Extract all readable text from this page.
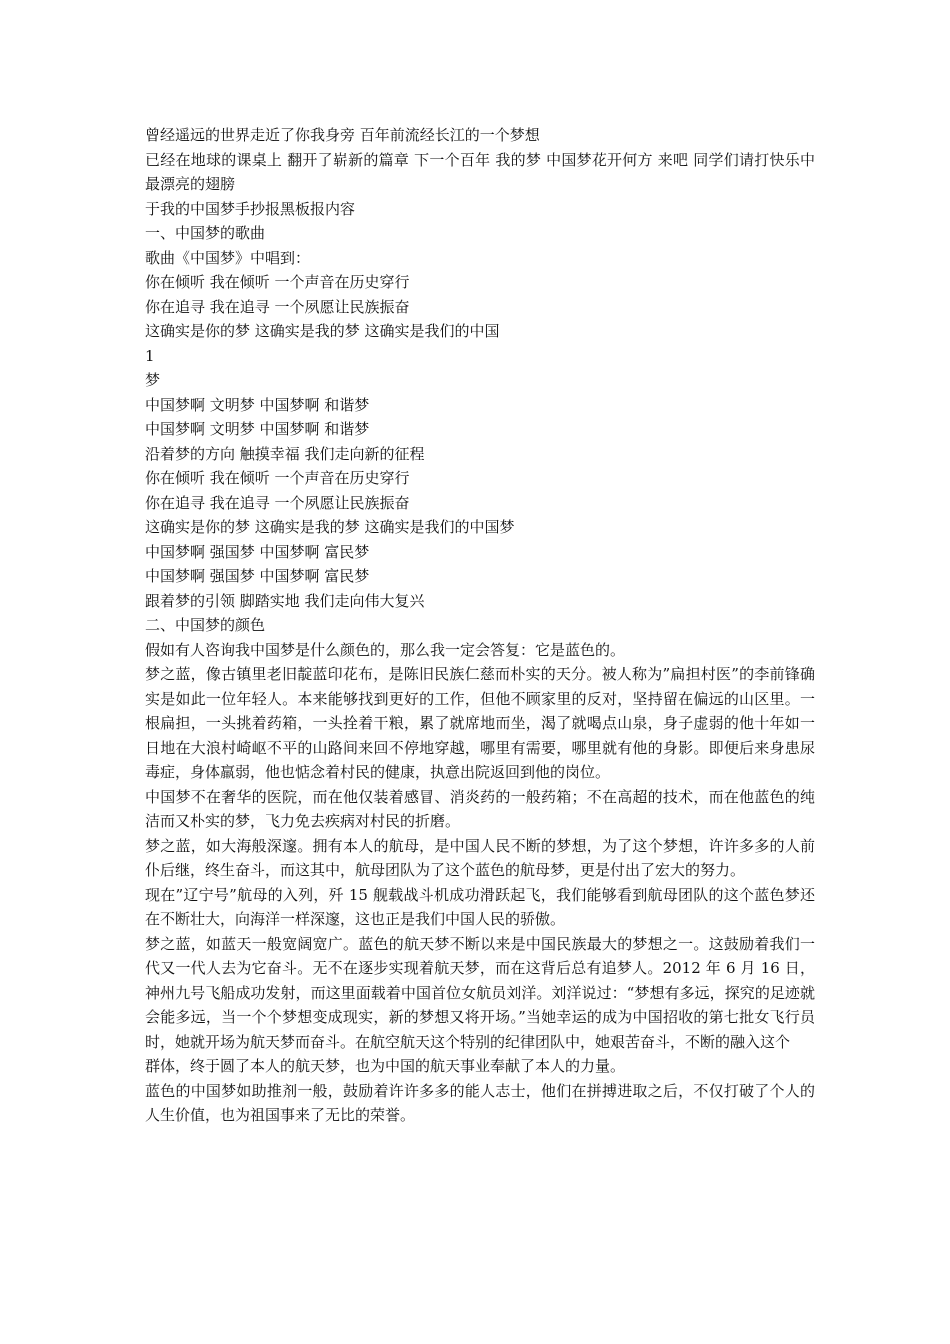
曾经遥远的世界走近了你我身旁 百年前流经长江的一个梦想

已经在地球的课桌上 翻开了崭新的篇章 下一个百年 我的梦 中国梦花开何方 来吧 同学们请打快乐中最漂亮的翅膀

于我的中国梦手抄报黑板报内容

一、中国梦的歌曲

歌曲《中国梦》中唱到：

你在倾听 我在倾听 一个声音在历史穿行

你在追寻 我在追寻 一个夙愿让民族振奋

这确实是你的梦 这确实是我的梦 这确实是我们的中国

1

梦

中国梦啊 文明梦 中国梦啊 和谐梦

中国梦啊 文明梦 中国梦啊 和谐梦

沿着梦的方向 触摸幸福 我们走向新的征程

你在倾听 我在倾听 一个声音在历史穿行

你在追寻 我在追寻 一个夙愿让民族振奋

这确实是你的梦 这确实是我的梦 这确实是我们的中国梦

中国梦啊 强国梦 中国梦啊 富民梦

中国梦啊 强国梦 中国梦啊 富民梦

跟着梦的引领 脚踏实地 我们走向伟大复兴

二、中国梦的颜色

假如有人咨询我中国梦是什么颜色的，那么我一定会答复：它是蓝色的。

梦之蓝，像古镇里老旧靛蓝印花布，是陈旧民族仁慈而朴实的天分。被人称为”扁担村医”的李前锋确实是如此一位年轻人。本来能够找到更好的工作，但他不顾家里的反对，坚持留在偏远的山区里。一根扁担，一头挑着药箱，一头拴着干粮，累了就席地而坐，渴了就喝点山泉，身子虚弱的他十年如一日地在大浪村崎岖不平的山路间来回不停地穿越，哪里有需要，哪里就有他的身影。即便后来身患尿毒症，身体羸弱，他也惦念着村民的健康，执意出院返回到他的岗位。

中国梦不在奢华的医院，而在他仅装着感冒、消炎药的一般药箱；不在高超的技术，而在他蓝色的纯洁而又朴实的梦，飞力免去疾病对村民的折磨。

梦之蓝，如大海般深邃。拥有本人的航母，是中国人民不断的梦想，为了这个梦想，许许多多的人前仆后继，终生奋斗，而这其中，航母团队为了这个蓝色的航母梦，更是付出了宏大的努力。

现在”辽宁号”航母的入列，歼 15 舰载战斗机成功滑跃起飞，我们能够看到航母团队的这个蓝色梦还在不断壮大，向海洋一样深邃，这也正是我们中国人民的骄傲。

梦之蓝，如蓝天一般宽阔宽广。蓝色的航天梦不断以来是中国民族最大的梦想之一。这鼓励着我们一代又一代人去为它奋斗。无不在逐步实现着航天梦，而在这背后总有追梦人。2012 年 6 月 16 日，神州九号飞船成功发射，而这里面载着中国首位女航员刘洋。刘洋说过：“梦想有多远，探究的足迹就会能多远，当一个个梦想变成现实，新的梦想又将开场。”当她幸运的成为中国招收的第七批女飞行员时，她就开场为航天梦而奋斗。在航空航天这个特别的纪律团队中，她艰苦奋斗，不断的融入这个

群体，终于圆了本人的航天梦，也为中国的航天事业奉献了本人的力量。

蓝色的中国梦如助推剂一般，鼓励着许许多多的能人志士，他们在拼搏进取之后，不仅打破了个人的人生价值，也为祖国事来了无比的荣誉。
